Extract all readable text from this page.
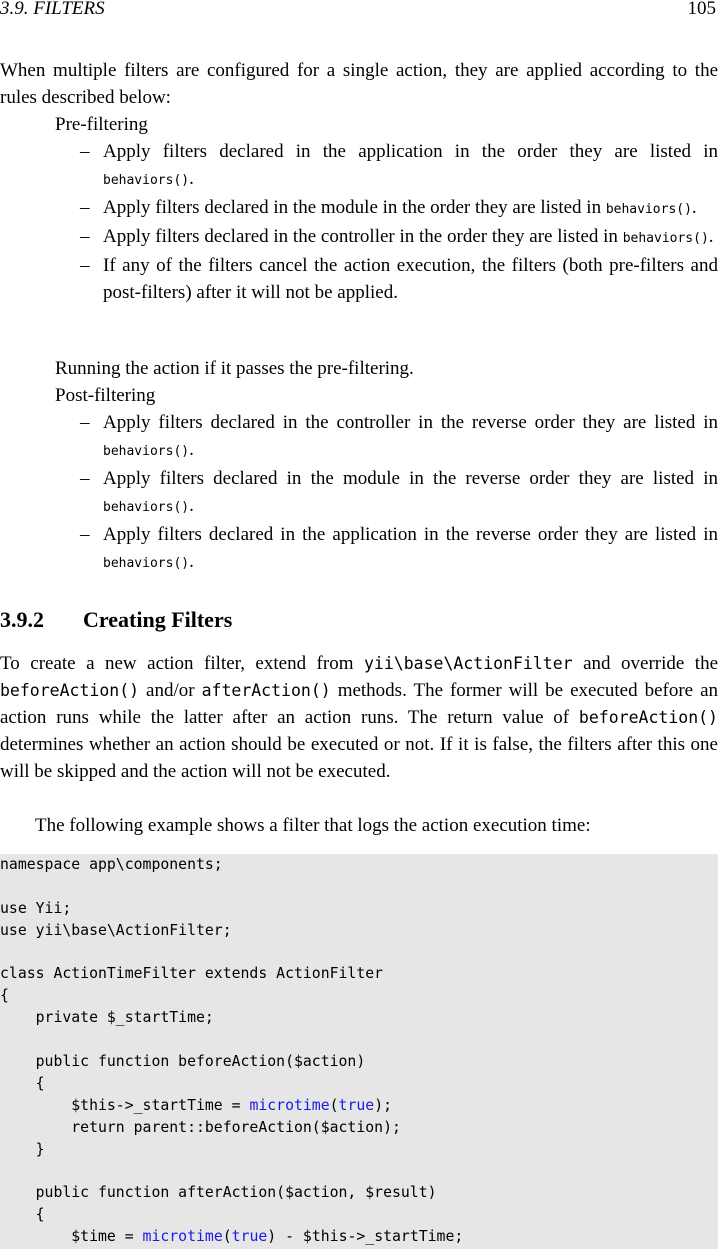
3.9. FILTERS	105

When multiple filters are configured for a single action, they are applied according to the rules described below:

Pre-filtering
– Apply filters declared in the application in the order they are listed in behaviors().
– Apply filters declared in the module in the order they are listed in behaviors().
– Apply filters declared in the controller in the order they are listed in behaviors().
– If any of the filters cancel the action execution, the filters (both pre-filters and post-filters) after it will not be applied.
Running the action if it passes the pre-filtering.
Post-filtering
– Apply filters declared in the controller in the reverse order they are listed in behaviors().
– Apply filters declared in the module in the reverse order they are listed in behaviors().
– Apply filters declared in the application in the reverse order they are listed in behaviors().
3.9.2 Creating Filters

To create a new action filter, extend from yii\base\ActionFilter and override the beforeAction() and/or afterAction() methods. The former will be executed before an action runs while the latter after an action runs. The return value of beforeAction() determines whether an action should be executed or not. If it is false, the filters after this one will be skipped and the action will not be executed.

The following example shows a filter that logs the action execution time:

namespace app\components;
use Yii;
use yii\base\ActionFilter;
class ActionTimeFilter extends ActionFilter
{
private $_startTime;
public function beforeAction($action)
{
$this->_startTime = microtime(true);
return parent::beforeAction($action);
}
public function afterAction($action, $result)
{
$time = microtime(true) - $this->_startTime;
